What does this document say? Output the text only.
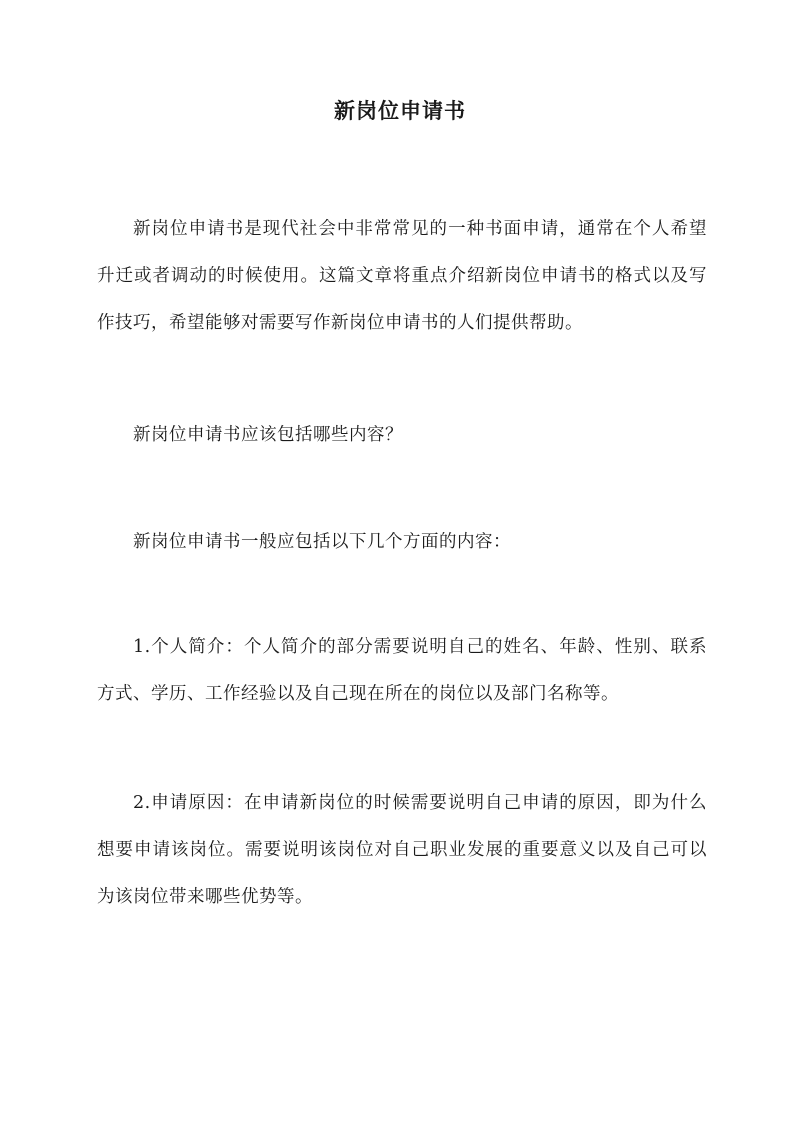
新岗位申请书

新岗位申请书是现代社会中非常常见的一种书面申请，通常在个人希望升迁或者调动的时候使用。这篇文章将重点介绍新岗位申请书的格式以及写作技巧，希望能够对需要写作新岗位申请书的人们提供帮助。

新岗位申请书应该包括哪些内容？

新岗位申请书一般应包括以下几个方面的内容：

1.个人简介：个人简介的部分需要说明自己的姓名、年龄、性别、联系方式、学历、工作经验以及自己现在所在的岗位以及部门名称等。

2.申请原因：在申请新岗位的时候需要说明自己申请的原因，即为什么想要申请该岗位。需要说明该岗位对自己职业发展的重要意义以及自己可以为该岗位带来哪些优势等。
